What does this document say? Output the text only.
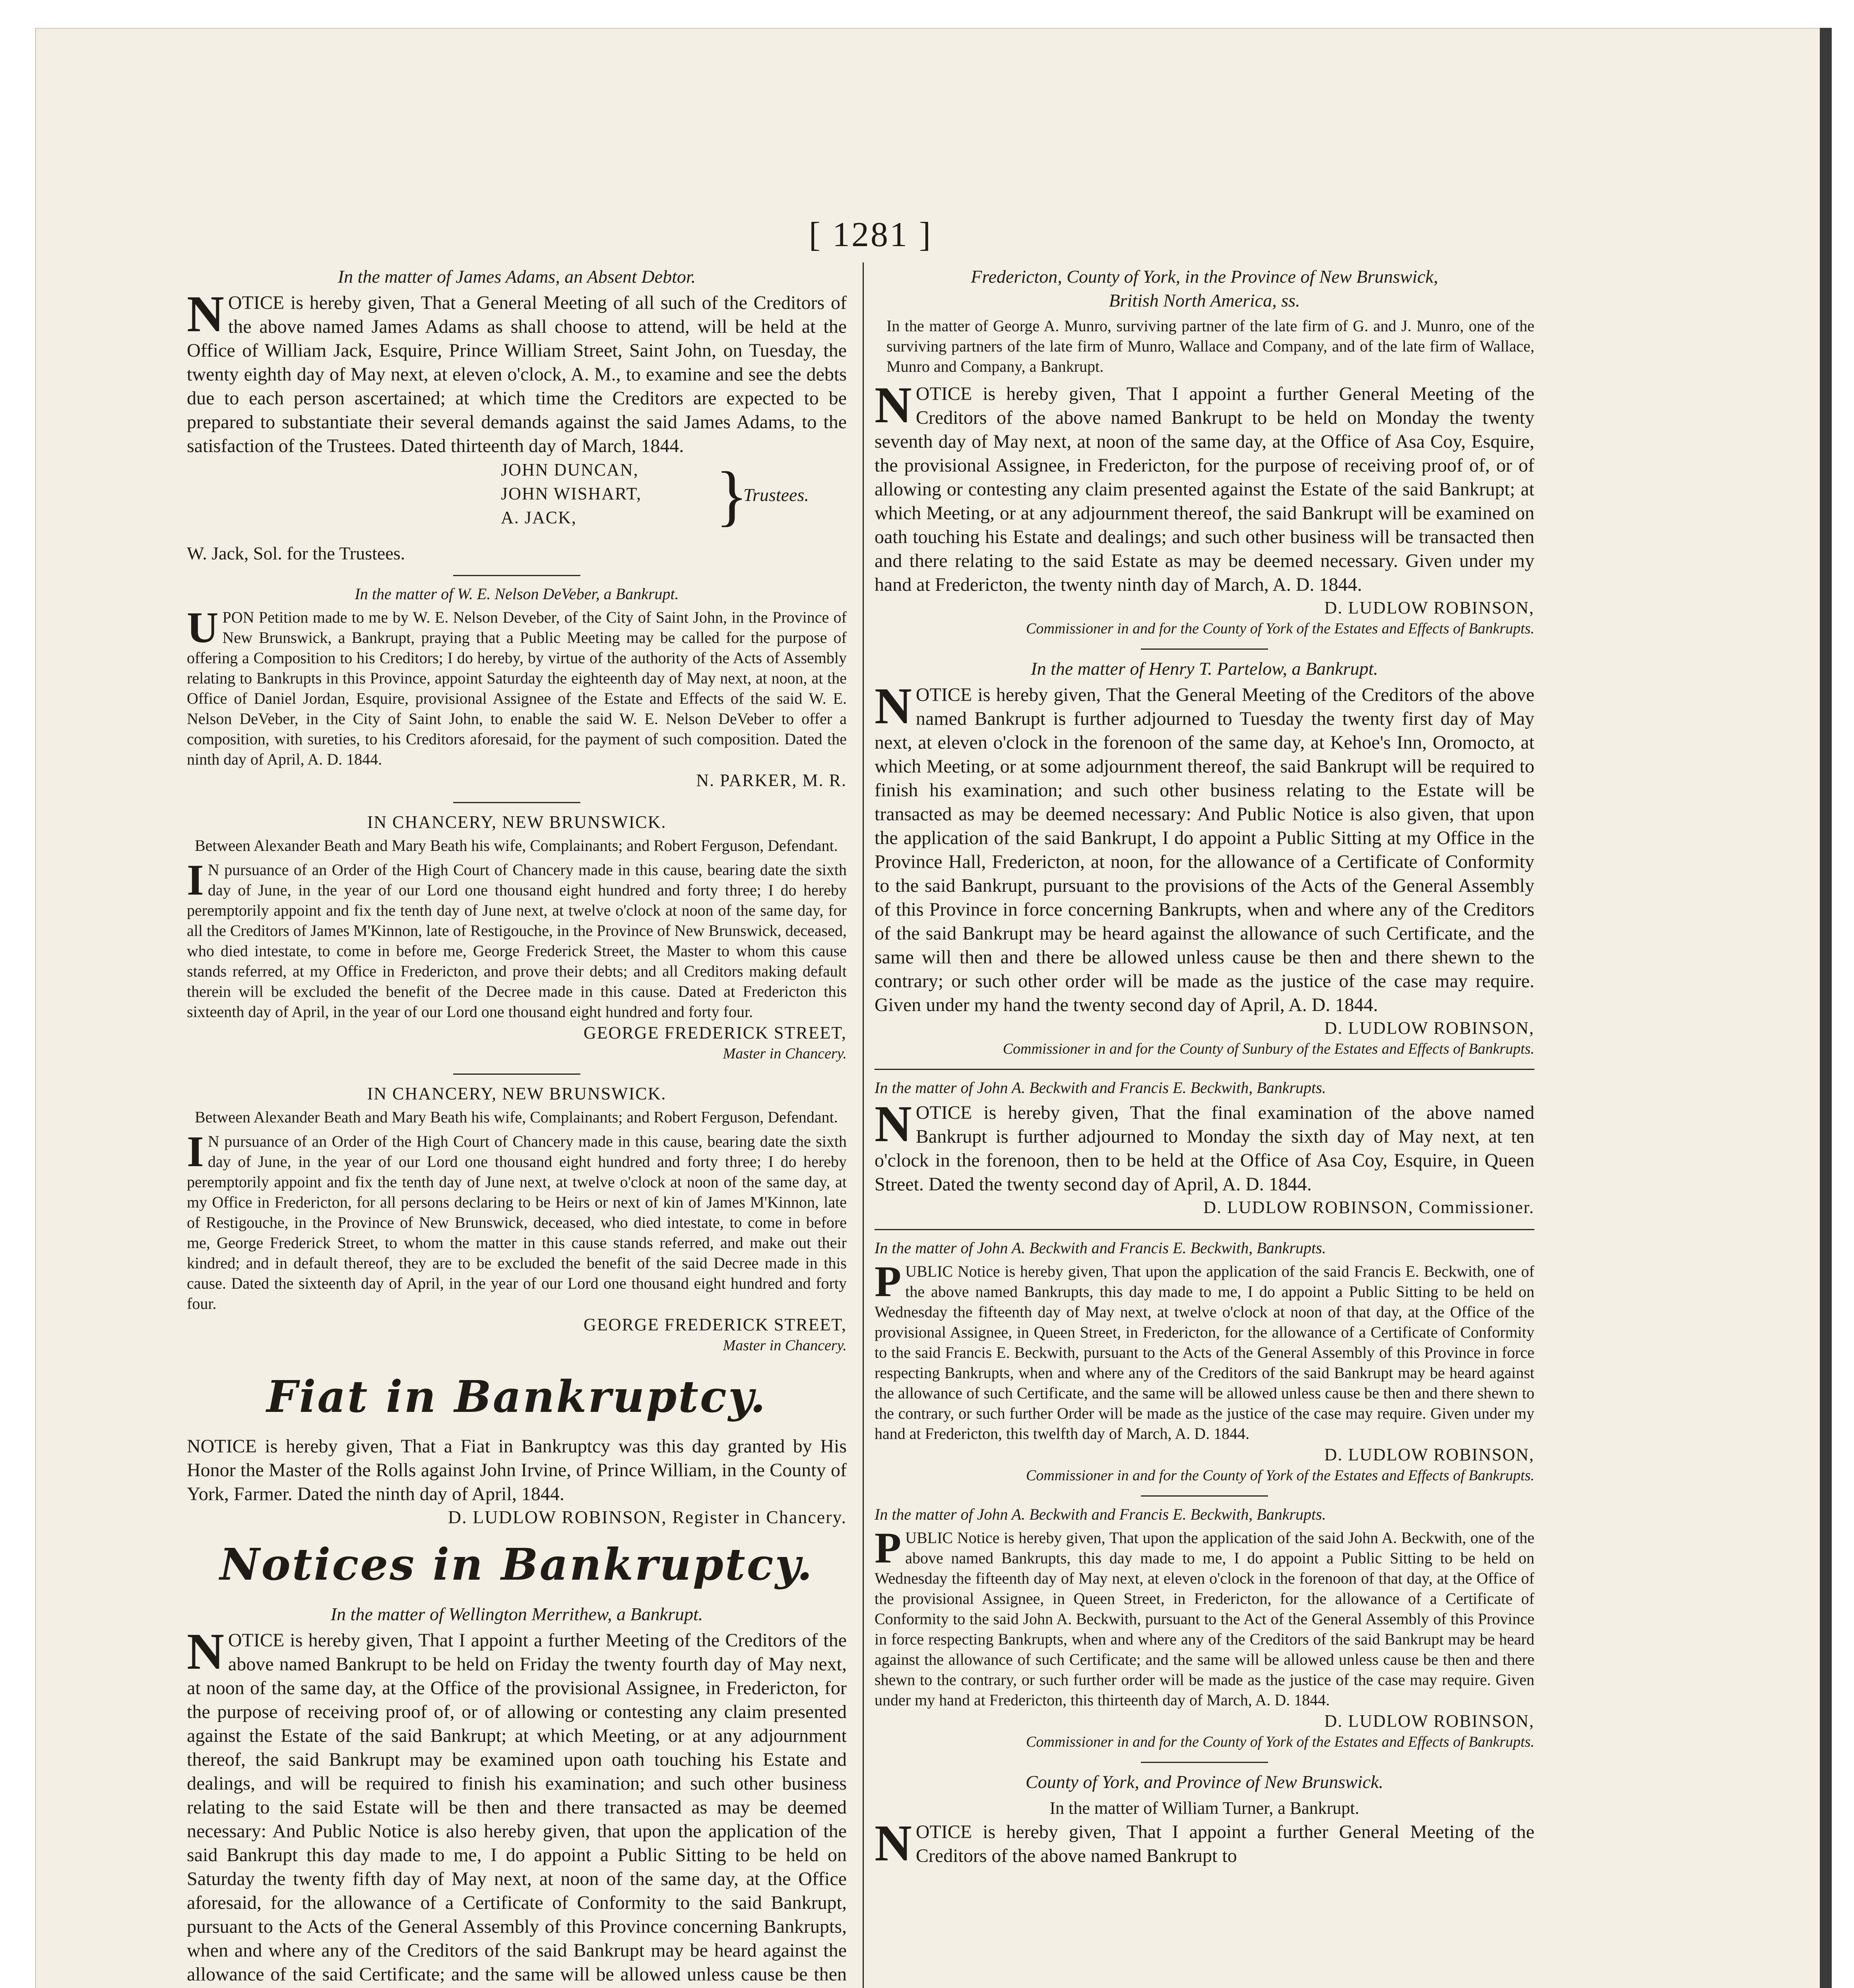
[ 1281 ]
In the matter of James Adams, an Absent Debtor.

NOTICE is hereby given, That a General Meeting of all such of the Creditors of the above named James Adams as shall choose to attend, will be held at the Office of William Jack, Esquire, Prince William Street, Saint John, on Tuesday, the twenty eighth day of May next, at eleven o'clock, A. M., to examine and see the debts due to each person ascertained; at which time the Creditors are expected to be prepared to substantiate their several demands against the said James Adams, to the satisfaction of the Trustees. Dated thirteenth day of March, 1844.

JOHN DUNCAN,
JOHN WISHART,
A. JACK, }
Trustees.

W. Jack, Sol. for the Trustees.

In the matter of W. E. Nelson DeVeber, a Bankrupt.

UPON Petition made to me by W. E. Nelson Deveber, of the City of Saint John, in the Province of New Brunswick, a Bankrupt, praying that a Public Meeting may be called for the purpose of offering a Composition to his Creditors; I do hereby, by virtue of the authority of the Acts of Assembly relating to Bankrupts in this Province, appoint Saturday the eighteenth day of May next, at noon, at the Office of Daniel Jordan, Esquire, provisional Assignee of the Estate and Effects of the said W. E. Nelson DeVeber, in the City of Saint John, to enable the said W. E. Nelson DeVeber to offer a composition, with sureties, to his Creditors aforesaid, for the payment of such composition. Dated the ninth day of April, A. D. 1844.

N. PARKER, M. R.

IN CHANCERY, NEW BRUNSWICK.

Between Alexander Beath and Mary Beath his wife, Complainants; and Robert Ferguson, Defendant.

I N pursuance of an Order of the High Court of Chancery made in this cause, bearing date the sixth day of June, in the year of our Lord one thousand eight hundred and forty three; I do hereby peremptorily appoint and fix the tenth day of June next, at twelve o'clock at noon of the same day, for all the Creditors of James M'Kinnon, late of Restigouche, in the Province of New Brunswick, deceased, who died intestate, to come in before me, George Frederick Street, the Master to whom this cause stands referred, at my Office in Fredericton, and prove their debts; and all Creditors making default therein will be excluded the benefit of the Decree made in this cause. Dated at Fredericton this sixteenth day of April, in the year of our Lord one thousand eight hundred and forty four.

GEORGE FREDERICK STREET,

Master in Chancery.

IN CHANCERY, NEW BRUNSWICK.

Between Alexander Beath and Mary Beath his wife, Complainants; and Robert Ferguson, Defendant.

I N pursuance of an Order of the High Court of Chancery made in this cause, bearing date the sixth day of June, in the year of our Lord one thousand eight hundred and forty three; I do hereby peremptorily appoint and fix the tenth day of June next, at twelve o'clock at noon of the same day, at my Office in Fredericton, for all persons declaring to be Heirs or next of kin of James M'Kinnon, late of Restigouche, in the Province of New Brunswick, deceased, who died intestate, to come in before me, George Frederick Street, to whom the matter in this cause stands referred, and make out their kindred; and in default thereof, they are to be excluded the benefit of the said Decree made in this cause. Dated the sixteenth day of April, in the year of our Lord one thousand eight hundred and forty four.

GEORGE FREDERICK STREET,

Master in Chancery.

Fiat in Bankruptcy.

NOTICE is hereby given, That a Fiat in Bankruptcy was this day granted by His Honor the Master of the Rolls against John Irvine, of Prince William, in the County of York, Farmer. Dated the ninth day of April, 1844.

D. LUDLOW ROBINSON, Register in Chancery.

Notices in Bankruptcy.
In the matter of Wellington Merrithew, a Bankrupt.

NOTICE is hereby given, That I appoint a further Meeting of the Creditors of the above named Bankrupt to be held on Friday the twenty fourth day of May next, at noon of the same day, at the Office of the provisional Assignee, in Fredericton, for the purpose of receiving proof of, or of allowing or contesting any claim presented against the Estate of the said Bankrupt; at which Meeting, or at any adjournment thereof, the said Bankrupt may be examined upon oath touching his Estate and dealings, and will be required to finish his examination; and such other business relating to the said Estate will be then and there transacted as may be deemed necessary: And Public Notice is also hereby given, that upon the application of the said Bankrupt this day made to me, I do appoint a Public Sitting to be held on Saturday the twenty fifth day of May next, at noon of the same day, at the Office aforesaid, for the allowance of a Certificate of Conformity to the said Bankrupt, pursuant to the Acts of the General Assembly of this Province concerning Bankrupts, when and where any of the Creditors of the said Bankrupt may be heard against the allowance of the said Certificate; and the same will be allowed unless cause be then

Fredericton, County of York, in the Province of New Brunswick,
British North America, ss.

In the matter of George A. Munro, surviving partner of the late firm of G. and J. Munro, one of the surviving partners of the late firm of Munro, Wallace and Company, and of the late firm of Wallace, Munro and Company, a Bankrupt.

NOTICE is hereby given, That I appoint a further General Meeting of the Creditors of the above named Bankrupt to be held on Monday the twenty seventh day of May next, at noon of the same day, at the Office of Asa Coy, Esquire, the provisional Assignee, in Fredericton, for the purpose of receiving proof of, or of allowing or contesting any claim presented against the Estate of the said Bankrupt; at which Meeting, or at any adjournment thereof, the said Bankrupt will be examined on oath touching his Estate and dealings; and such other business will be transacted then and there relating to the said Estate as may be deemed necessary. Given under my hand at Fredericton, the twenty ninth day of March, A. D. 1844.

D. LUDLOW ROBINSON,

Commissioner in and for the County of York of the Estates and Effects of Bankrupts.

In the matter of Henry T. Partelow, a Bankrupt.

NOTICE is hereby given, That the General Meeting of the Creditors of the above named Bankrupt is further adjourned to Tuesday the twenty first day of May next, at eleven o'clock in the forenoon of the same day, at Kehoe's Inn, Oromocto, at which Meeting, or at some adjournment thereof, the said Bankrupt will be required to finish his examination; and such other business relating to the Estate will be transacted as may be deemed necessary: And Public Notice is also given, that upon the application of the said Bankrupt, I do appoint a Public Sitting at my Office in the Province Hall, Fredericton, at noon, for the allowance of a Certificate of Conformity to the said Bankrupt, pursuant to the provisions of the Acts of the General Assembly of this Province in force concerning Bankrupts, when and where any of the Creditors of the said Bankrupt may be heard against the allowance of such Certificate, and the same will then and there be allowed unless cause be then and there shewn to the contrary; or such other order will be made as the justice of the case may require. Given under my hand the twenty second day of April, A. D. 1844.

D. LUDLOW ROBINSON,

Commissioner in and for the County of Sunbury of the Estates and Effects of Bankrupts.

In the matter of John A. Beckwith and Francis E. Beckwith, Bankrupts.

NOTICE is hereby given, That the final examination of the above named Bankrupt is further adjourned to Monday the sixth day of May next, at ten o'clock in the forenoon, then to be held at the Office of Asa Coy, Esquire, in Queen Street. Dated the twenty second day of April, A. D. 1844.

D. LUDLOW ROBINSON, Commissioner.

In the matter of John A. Beckwith and Francis E. Beckwith, Bankrupts.

PUBLIC Notice is hereby given, That upon the application of the said Francis E. Beckwith, one of the above named Bankrupts, this day made to me, I do appoint a Public Sitting to be held on Wednesday the fifteenth day of May next, at twelve o'clock at noon of that day, at the Office of the provisional Assignee, in Queen Street, in Fredericton, for the allowance of a Certificate of Conformity to the said Francis E. Beckwith, pursuant to the Acts of the General Assembly of this Province in force respecting Bankrupts, when and where any of the Creditors of the said Bankrupt may be heard against the allowance of such Certificate, and the same will be allowed unless cause be then and there shewn to the contrary, or such further Order will be made as the justice of the case may require. Given under my hand at Fredericton, this twelfth day of March, A. D. 1844.

D. LUDLOW ROBINSON,

Commissioner in and for the County of York of the Estates and Effects of Bankrupts.

In the matter of John A. Beckwith and Francis E. Beckwith, Bankrupts.

PUBLIC Notice is hereby given, That upon the application of the said John A. Beckwith, one of the above named Bankrupts, this day made to me, I do appoint a Public Sitting to be held on Wednesday the fifteenth day of May next, at eleven o'clock in the forenoon of that day, at the Office of the provisional Assignee, in Queen Street, in Fredericton, for the allowance of a Certificate of Conformity to the said John A. Beckwith, pursuant to the Act of the General Assembly of this Province in force respecting Bankrupts, when and where any of the Creditors of the said Bankrupt may be heard against the allowance of such Certificate; and the same will be allowed unless cause be then and there shewn to the contrary, or such further order will be made as the justice of the case may require. Given under my hand at Fredericton, this thirteenth day of March, A. D. 1844.

D. LUDLOW ROBINSON,

Commissioner in and for the County of York of the Estates and Effects of Bankrupts.

County of York, and Province of New Brunswick.
In the matter of William Turner, a Bankrupt.

NOTICE is hereby given, That I appoint a further General Meeting of the Creditors of the above named Bankrupt to
